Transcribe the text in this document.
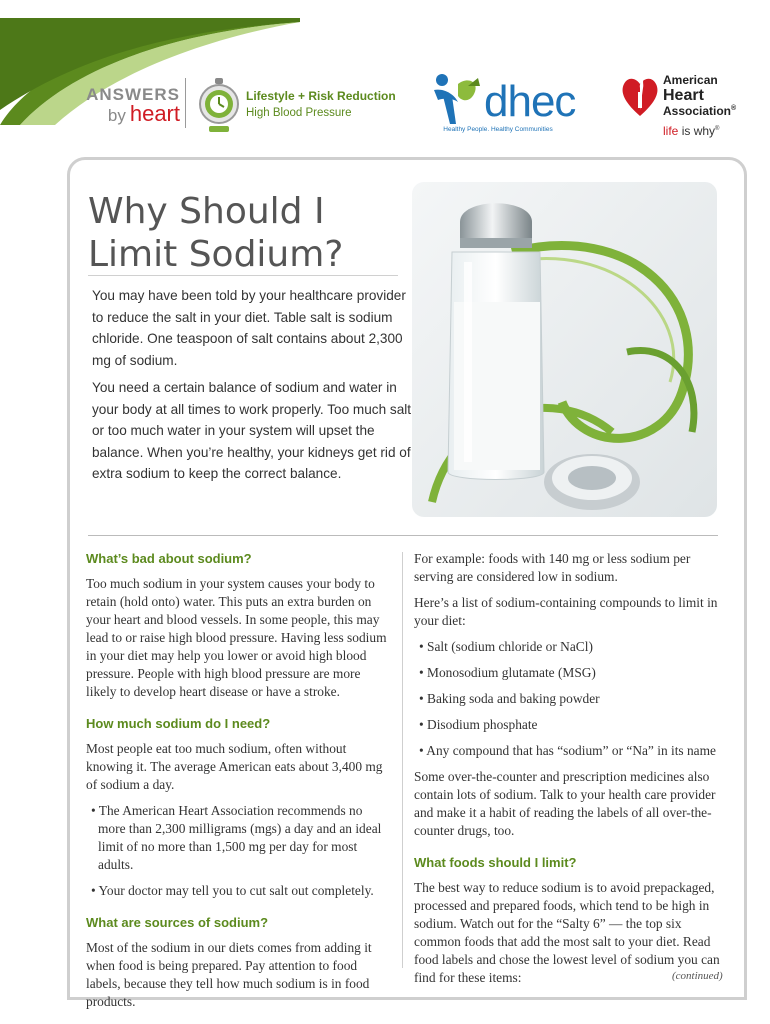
ANSWERS
by heart
Lifestyle + Risk Reduction
High Blood Pressure	dhec
Healthy People. Healthy Communities
American
Heart
Association®
life is why®
Why Should I
Limit Sodium?

You may have been told by your healthcare provider to reduce the salt in your diet. Table salt is sodium chloride. One teaspoon of salt contains about 2,300 mg of sodium.

You need a certain balance of sodium and water in your body at all times to work properly. Too much salt or too much water in your system will upset the balance. When you’re healthy, your kidneys get rid of extra sodium to keep the correct balance.

What’s bad about sodium?

Too much sodium in your system causes your body to retain (hold onto) water. This puts an extra burden on your heart and blood vessels. In some people, this may lead to or raise high blood pressure. Having less sodium in your diet may help you lower or avoid high blood pressure. People with high blood pressure are more likely to develop heart disease or have a stroke.

How much sodium do I need?

Most people eat too much sodium, often without knowing it. The average American eats about 3,400 mg of sodium a day.

• The American Heart Association recommends no more than 2,300 milligrams (mgs) a day and an ideal limit of no more than 1,500 mg per day for most adults.
• Your doctor may tell you to cut salt out completely.
What are sources of sodium?

Most of the sodium in our diets comes from adding it when food is being prepared. Pay attention to food labels, because they tell how much sodium is in food products.

For example: foods with 140 mg or less sodium per serving are considered low in sodium.

Here’s a list of sodium-containing compounds to limit in your diet:

• Salt (sodium chloride or NaCl)
• Monosodium glutamate (MSG)
• Baking soda and baking powder
• Disodium phosphate
• Any compound that has “sodium” or “Na” in its name

Some over-the-counter and prescription medicines also contain lots of sodium. Talk to your health care provider and make it a habit of reading the labels of all over-the-counter drugs, too.

What foods should I limit?

The best way to reduce sodium is to avoid prepackaged, processed and prepared foods, which tend to be high in sodium. Watch out for the “Salty 6” — the top six common foods that add the most salt to your diet. Read food labels and chose the lowest level of sodium you can find for these items:	(continued)
